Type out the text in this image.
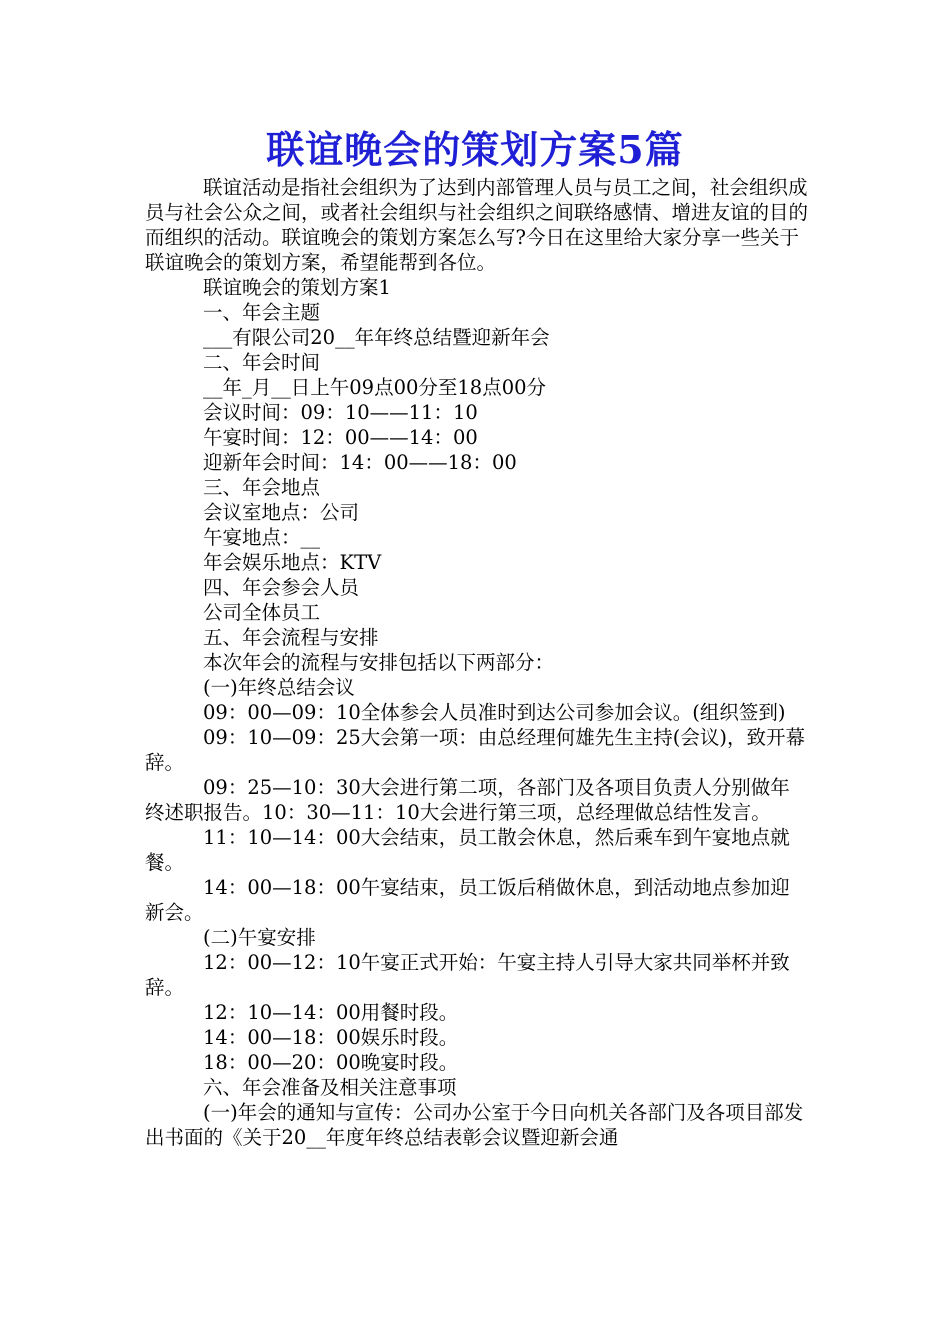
联谊晚会的策划方案5篇

联谊活动是指社会组织为了达到内部管理人员与员工之间，社会组织成员与社会公众之间，或者社会组织与社会组织之间联络感情、增进友谊的目的而组织的活动。联谊晚会的策划方案怎么写?今日在这里给大家分享一些关于联谊晚会的策划方案，希望能帮到各位。

联谊晚会的策划方案1

一、年会主题

___有限公司20__年年终总结暨迎新年会

二、年会时间

__年_月__日上午09点00分至18点00分

会议时间：09：10——11：10

午宴时间：12：00——14：00

迎新年会时间：14：00——18：00

三、年会地点

会议室地点：公司

午宴地点：__

年会娱乐地点：KTV

四、年会参会人员

公司全体员工

五、年会流程与安排

本次年会的流程与安排包括以下两部分：

(一)年终总结会议

09：00—09：10全体参会人员准时到达公司参加会议。(组织签到)

09：10—09：25大会第一项：由总经理何雄先生主持(会议)，致开幕辞。

09：25—10：30大会进行第二项，各部门及各项目负责人分别做年终述职报告。10：30—11：10大会进行第三项，总经理做总结性发言。

11：10—14：00大会结束，员工散会休息，然后乘车到午宴地点就餐。

14：00—18：00午宴结束，员工饭后稍做休息，到活动地点参加迎新会。

(二)午宴安排

12：00—12：10午宴正式开始：午宴主持人引导大家共同举杯并致辞。

12：10—14：00用餐时段。

14：00—18：00娱乐时段。

18：00—20：00晚宴时段。

六、年会准备及相关注意事项

(一)年会的通知与宣传：公司办公室于今日向机关各部门及各项目部发出书面的《关于20__年度年终总结表彰会议暨迎新会通
